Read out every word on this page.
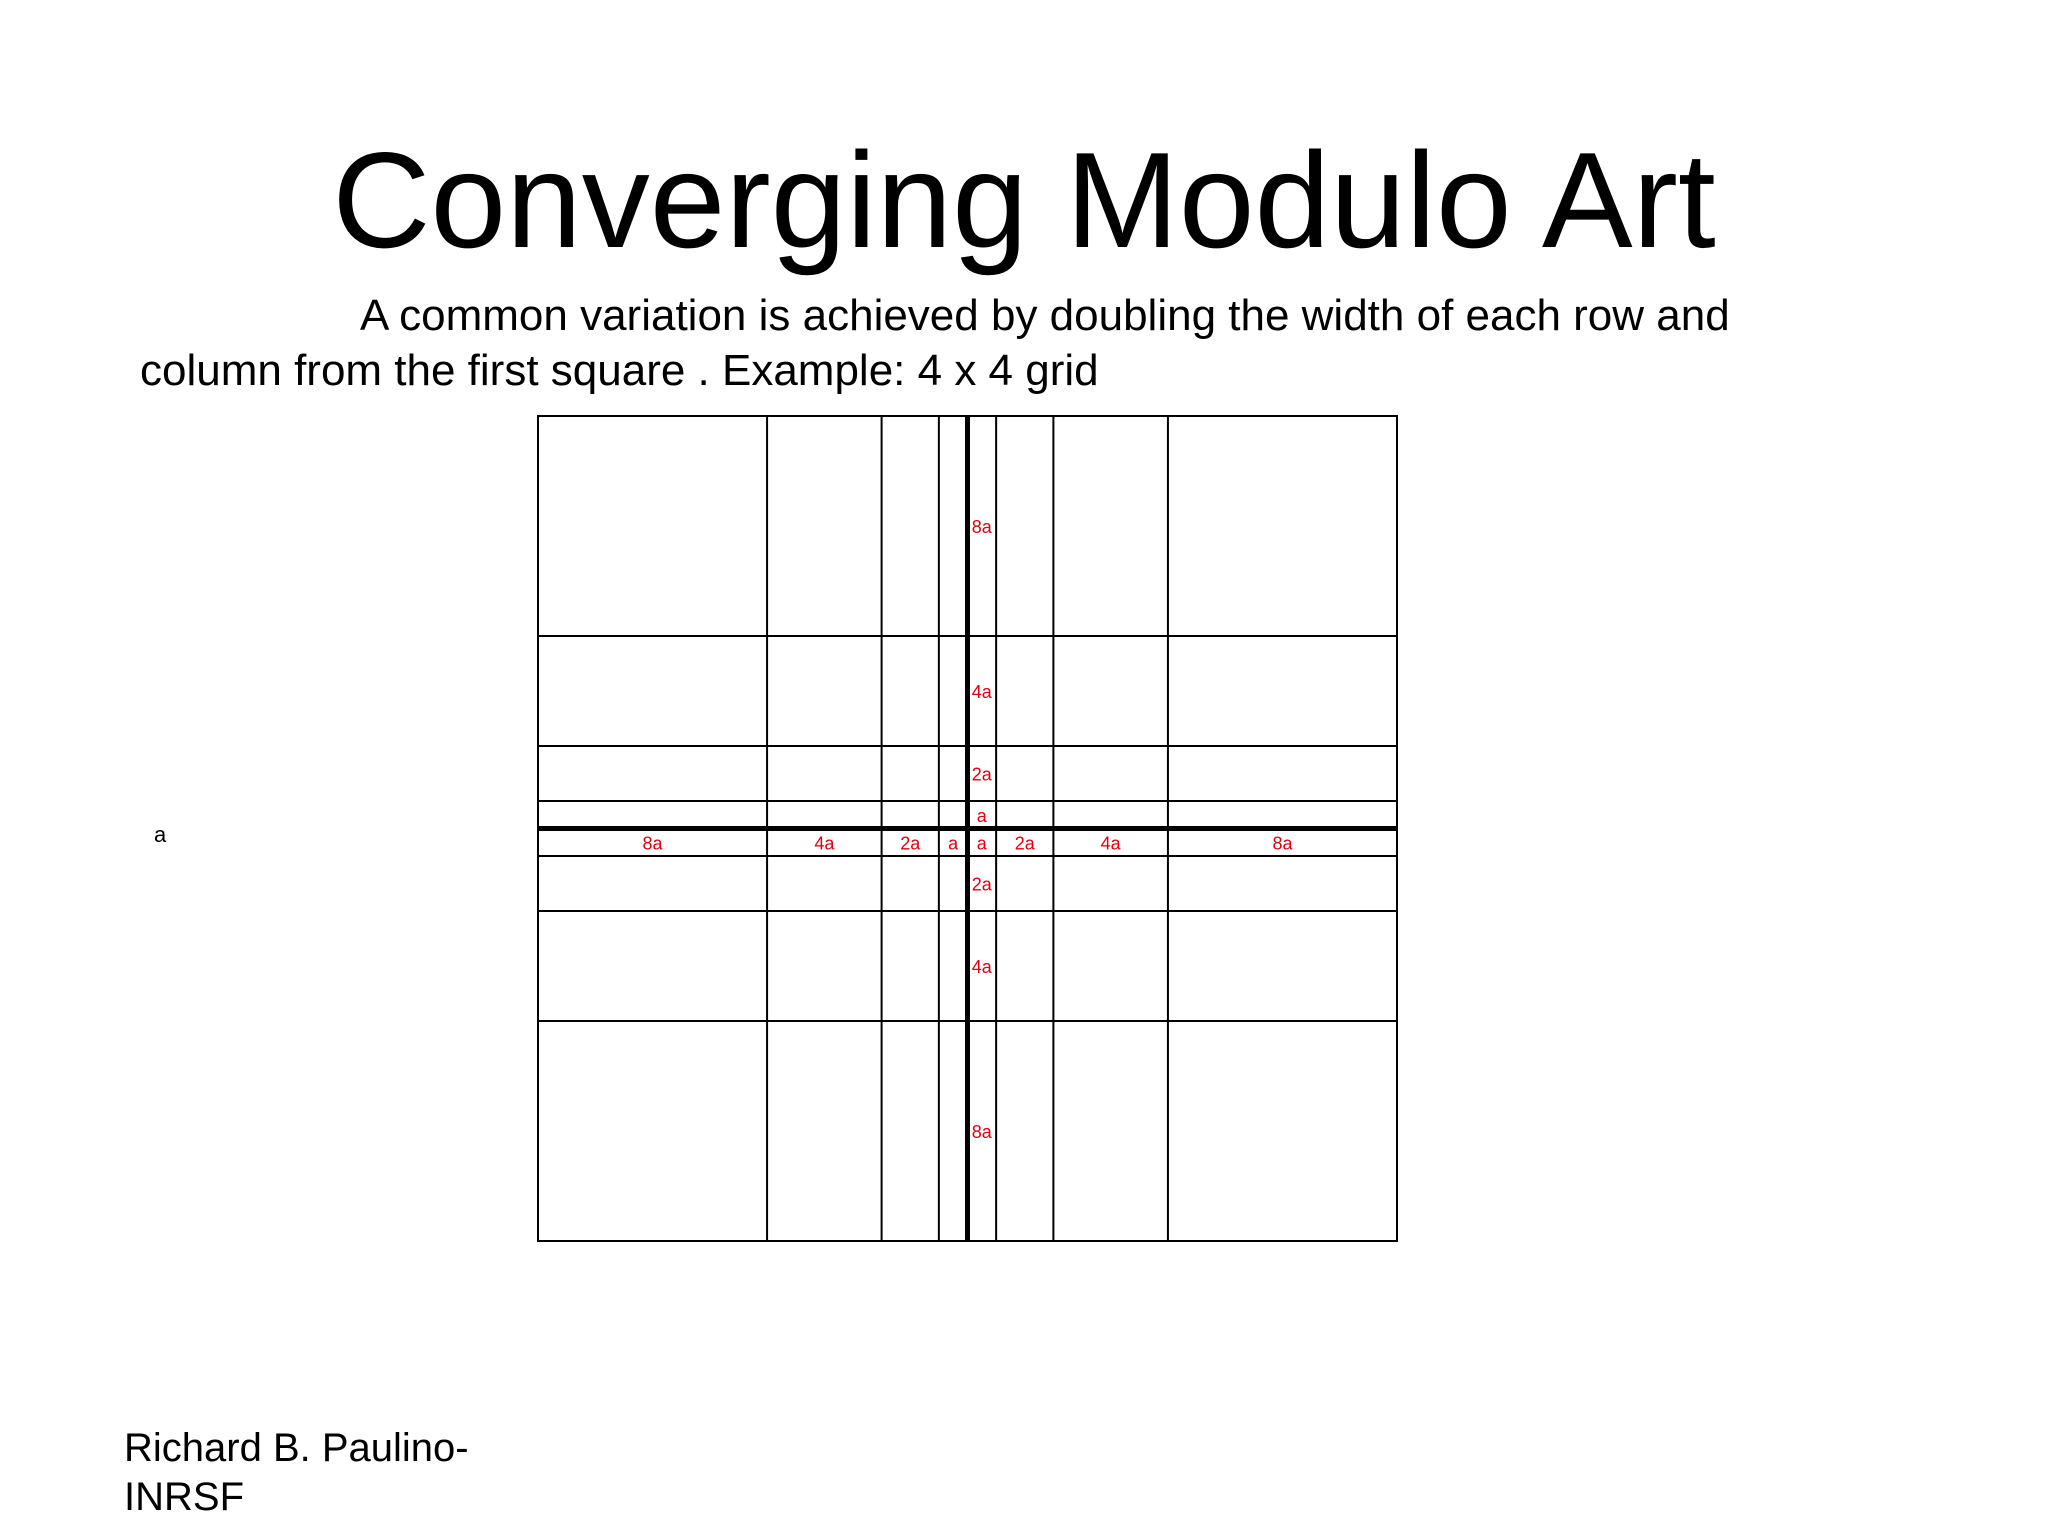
Converging Modulo Art

A common variation is achieved by doubling the width of each row and
column from the first square . Example: 4 x 4 grid

a	8a	4a	2a a a 2a	4a	8a
8a
4a
2a
a
2a
4a
8a
Richard B. Paulino-
INRSF
